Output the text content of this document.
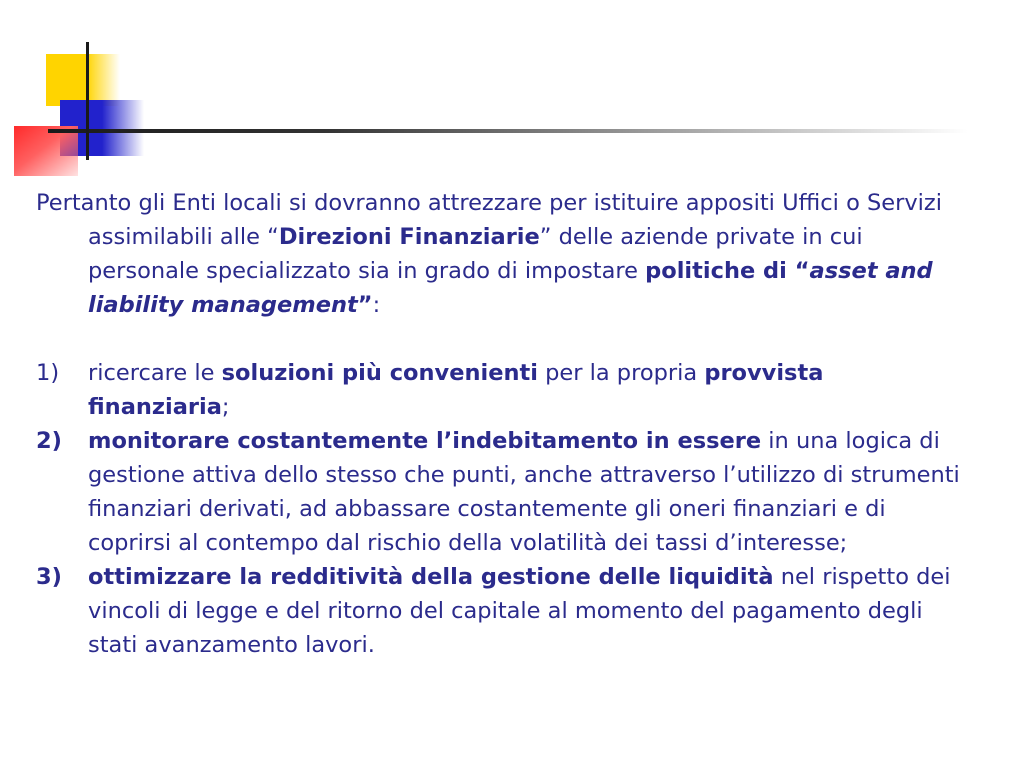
Pertanto gli Enti locali si dovranno attrezzare per istituire appositi Uffici o Servizi assimilabili alle “Direzioni Finanziarie” delle aziende private in cui personale specializzato sia in grado di impostare politiche di “asset and liability management”:

1) ricercare le soluzioni più convenienti per la propria provvista finanziaria;

2) monitorare costantemente l’indebitamento in essere in una logica di gestione attiva dello stesso che punti, anche attraverso l’utilizzo di strumenti finanziari derivati, ad abbassare costantemente gli oneri finanziari e di coprirsi al contempo dal rischio della volatilità dei tassi d’interesse;

3) ottimizzare la redditività della gestione delle liquidità nel rispetto dei vincoli di legge e del ritorno del capitale al momento del pagamento degli stati avanzamento lavori.
